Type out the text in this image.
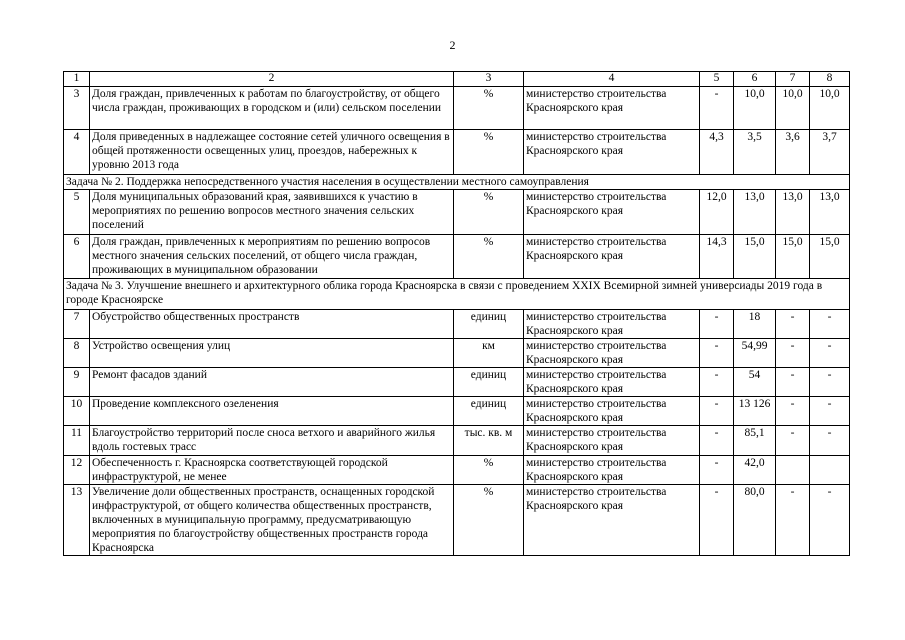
2
1	2	3	4	5	6	7	8
3	Доля граждан, привлеченных к работам по благоустройству, от общего числа граждан, проживающих в городском и (или) сельском поселении	%	министерство строительства Красноярского края	-	10,0	10,0	10,0
4	Доля приведенных в надлежащее состояние сетей уличного освещения в общей протяженности освещенных улиц, проездов, набережных к уровню 2013 года	%	министерство строительства Красноярского края	4,3	3,5	3,6	3,7
Задача № 2. Поддержка непосредственного участия населения в осуществлении местного самоуправления							
5	Доля муниципальных образований края, заявившихся к участию в мероприятиях по решению вопросов местного значения сельских поселений	%	министерство строительства Красноярского края	12,0	13,0	13,0	13,0
6	Доля граждан, привлеченных к мероприятиям по решению вопросов местного значения сельских поселений, от общего числа граждан, проживающих в муниципальном образовании	%	министерство строительства Красноярского края	14,3	15,0	15,0	15,0
Задача № 3. Улучшение внешнего и архитектурного облика города Красноярска в связи с проведением XXIX Всемирной зимней универсиады 2019 года в городе Красноярске							
7	Обустройство общественных пространств	единиц	министерство строительства Красноярского края	-	18	-	-
8	Устройство освещения улиц	км	министерство строительства Красноярского края	-	54,99	-	-
9	Ремонт фасадов зданий	единиц	министерство строительства Красноярского края	-	54	-	-
10	Проведение комплексного озеленения	единиц	министерство строительства Красноярского края	-	13 126	-	-
11	Благоустройство территорий после сноса ветхого и аварийного жилья вдоль гостевых трасс	тыс. кв. м	министерство строительства Красноярского края	-	85,1	-	-
12	Обеспеченность г. Красноярска соответствующей городской инфраструктурой, не менее	%	министерство строительства Красноярского края	-	42,0		
13	Увеличение доли общественных пространств, оснащенных городской инфраструктурой, от общего количества общественных пространств, включенных в муниципальную программу, предусматривающую мероприятия по благоустройству общественных пространств города Красноярска	%	министерство строительства Красноярского края	-	80,0	-	-
